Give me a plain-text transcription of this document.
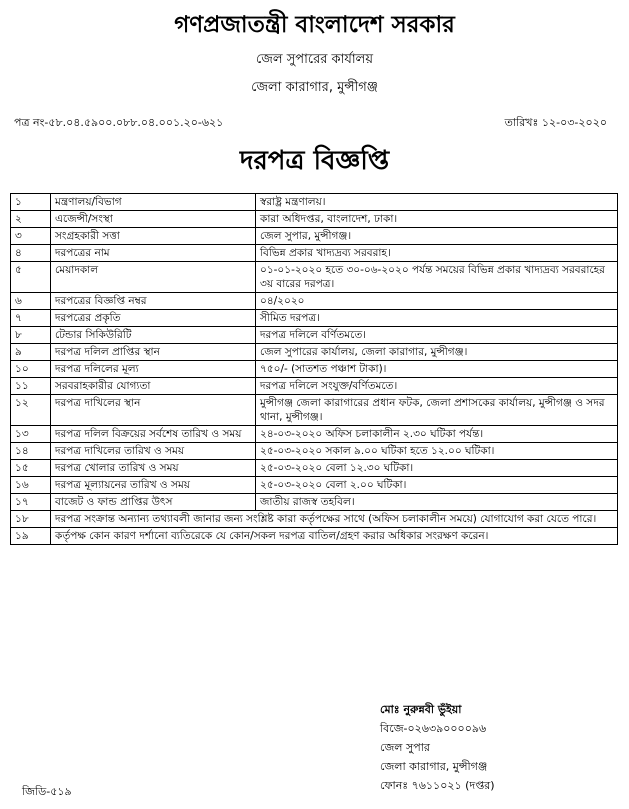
গণপ্রজাতন্ত্রী বাংলাদেশ সরকার
জেল সুপারের কার্যালয়
জেলা কারাগার, মুন্সীগঞ্জ
পত্র নং-৫৮.০৪.৫৯০০.০৮৮.০৪.০০১.২০-৬২১	তারিখঃ ১২-০৩-২০২০
দরপত্র বিজ্ঞপ্তি
১	মন্ত্রণালয়/বিভাগ	স্বরাষ্ট্র মন্ত্রণালয়।
২	এজেন্সী/সংস্থা	কারা অধিদপ্তর, বাংলাদেশ, ঢাকা।
৩	সংগ্রহকারী সত্তা	জেল সুপার, মুন্সীগঞ্জ।
৪	দরপত্রের নাম	বিভিন্ন প্রকার খাদ্যদ্রব্য সরবরাহ।
৫	মেয়াদকাল	০১-০১-২০২০ হতে ৩০-০৬-২০২০ পর্যন্ত সময়ের বিভিন্ন প্রকার খাদ্যদ্রব্য সরবরাহের ৩য় বারের দরপত্র।
৬	দরপত্রের বিজ্ঞপ্তি নম্বর	০৪/২০২০
৭	দরপত্রের প্রকৃতি	সীমিত দরপত্র।
৮	টেন্ডার সিকিউরিটি	দরপত্র দলিলে বর্ণিতমতে।
৯	দরপত্র দলিল প্রাপ্তির স্থান	জেল সুপারের কার্যালয়, জেলা কারাগার, মুন্সীগঞ্জ।
১০	দরপত্র দলিলের মূল্য	৭৫০/- (সাতশত পঞ্চাশ টাকা)।
১১	সরবরাহকারীর যোগ্যতা	দরপত্র দলিলে সংযুক্ত/বর্ণিতমতে।
১২	দরপত্র দাখিলের স্থান	মুন্সীগঞ্জ জেলা কারাগারের প্রধান ফটক, জেলা প্রশাসকের কার্যালয়, মুন্সীগঞ্জ ও সদর থানা, মুন্সীগঞ্জ।
১৩	দরপত্র দলিল বিক্রয়ের সর্বশেষ তারিখ ও সময়	২৪-০৩-২০২০ অফিস চলাকালীন ২.৩০ ঘটিকা পর্যন্ত।
১৪	দরপত্র দাখিলের তারিখ ও সময়	২৫-০৩-২০২০ সকাল ৯.০০ ঘটিকা হতে ১২.০০ ঘটিকা।
১৫	দরপত্র খোলার তারিখ ও সময়	২৫-০৩-২০২০ বেলা ১২.৩০ ঘটিকা।
১৬	দরপত্র মূল্যায়নের তারিখ ও সময়	২৫-০৩-২০২০ বেলা ২.০০ ঘটিকা।
১৭	বাজেট ও ফান্ড প্রাপ্তির উৎস	জাতীয় রাজস্ব তহবিল।
১৮	দরপত্র সংক্রান্ত অন্যান্য তথ্যাবলী জানার জন্য সংশ্লিষ্ট কারা কর্তৃপক্ষের সাথে (অফিস চলাকালীন সময়ে) যোগাযোগ করা যেতে পারে।	
১৯	কর্তৃপক্ষ কোন কারণ দর্শানো ব্যতিরেকে যে কোন/সকল দরপত্র বাতিল/গ্রহণ করার অধিকার সংরক্ষণ করেন।	
মোঃ নুরুন্নবী ভুঁইয়া
বিজে-০২৬৩৯০০০০৯৬
জেল সুপার
জেলা কারাগার, মুন্সীগঞ্জ
ফোনঃ ৭৬১১০২১ (দপ্তর)
জিডি-৫১৯
